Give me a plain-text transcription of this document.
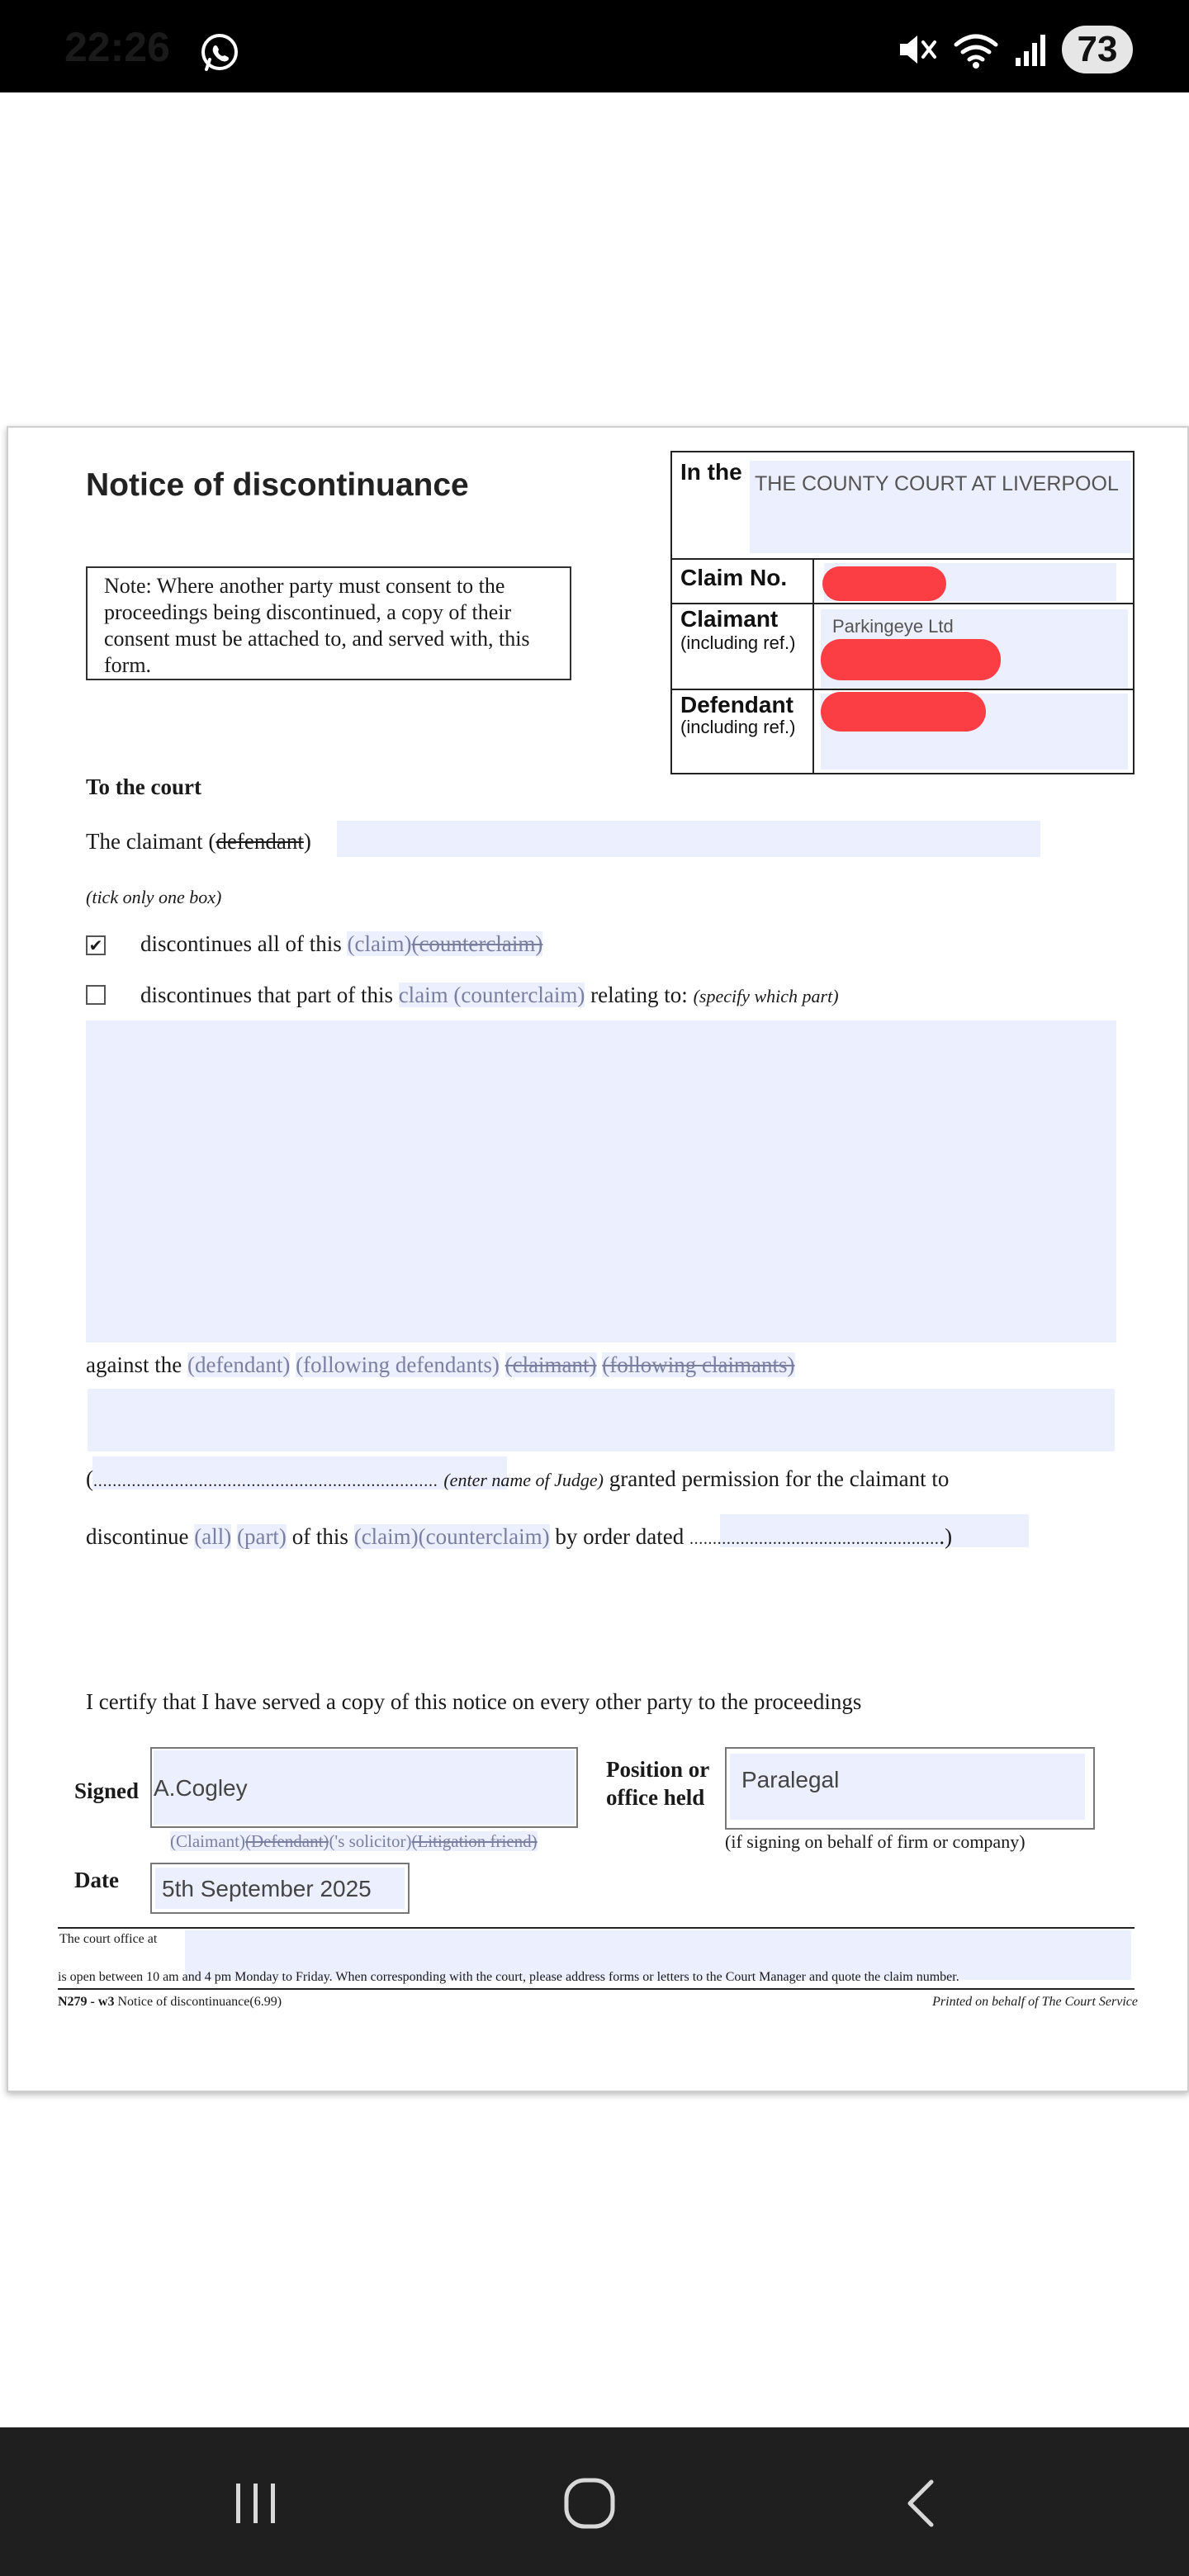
22:26	73
Notice of discontinuance
Note: Where another party must consent to the proceedings being discontinued, a copy of their consent must be attached to, and served with, this form.
In the THE COUNTY COURT AT LIVERPOOL
Claim No.
Claimant
(including ref.)
Parkingeye Ltd
Defendant
(including ref.)
To the court
The claimant (defendant)
(tick only one box)
✔ discontinues all of this (claim)(counterclaim)
discontinues that part of this claim (counterclaim) relating to: (specify which part)
against the (defendant) (following defendants) (claimant) (following claimants)
(........................................................................ (enter name of Judge) granted permission for the claimant to
discontinue (all) (part) of this (claim)(counterclaim) by order dated .......................................................)
I certify that I have served a copy of this notice on every other party to the proceedings
Signed A.Cogley
(Claimant)(Defendant)('s solicitor)(Litigation friend)
Position or
office held
Paralegal
(if signing on behalf of firm or company)
Date 5th September 2025
The court office at
is open between 10 am and 4 pm Monday to Friday. When corresponding with the court, please address forms or letters to the Court Manager and quote the claim number.
N279 - w3 Notice of discontinuance(6.99)	Printed on behalf of The Court Service
